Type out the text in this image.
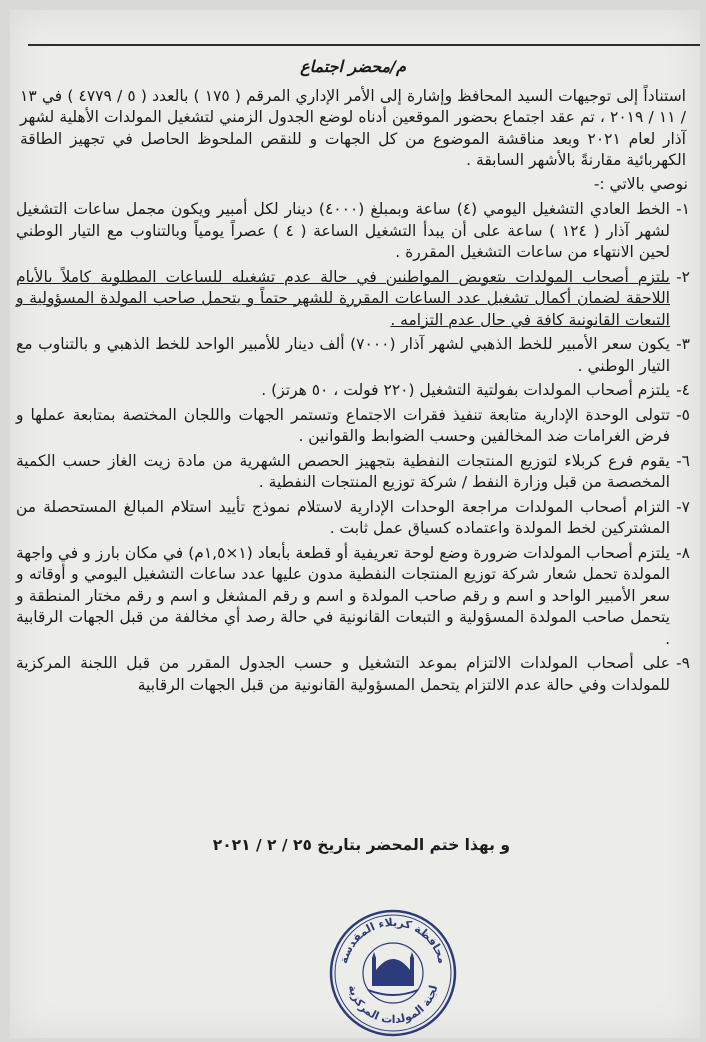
م/محضر اجتماع

استناداً إلى توجيهات السيد المحافظ وإشارة إلى الأمر الإداري المرقم ( ١٧٥ ) بالعدد ( ٥ / ٤٧٧٩ ) في ١٣ / ١١ / ٢٠١٩ ، تم عقد اجتماع بحضور الموقعين أدناه لوضع الجدول الزمني لتشغيل المولدات الأهلية لشهر آذار لعام ٢٠٢١ وبعد مناقشة الموضوع من كل الجهات و للنقص الملحوظ الحاصل في تجهيز الطاقة الكهربائية مقارنةً بالأشهر السابقة .

نوصي بالاتي :-

١-
الخط العادي التشغيل اليومي (٤) ساعة وبمبلغ (٤٠٠٠) دينار لكل أمبير ويكون مجمل ساعات التشغيل لشهر آذار ( ١٢٤ ) ساعة على أن يبدأ التشغيل الساعة ( ٤ ) عصراً يومياً وبالتناوب مع التيار الوطني لحين الانتهاء من ساعات التشغيل المقررة .
٢-
يلتزم أصحاب المولدات بتعويض المواطنين في حالة عدم تشغيله للساعات المطلوبة كاملاً بالأيام اللاحقة لضمان أكمال تشغيل عدد الساعات المقررة للشهر حتماً و يتحمل صاحب المولدة المسؤولية و التبعات القانونية كافة في حال عدم التزامه .
٣-
يكون سعر الأمبير للخط الذهبي لشهر آذار (٧٠٠٠) ألف دينار للأمبير الواحد للخط الذهبي و بالتناوب مع التيار الوطني .
٤-
يلتزم أصحاب المولدات بفولتية التشغيل (٢٢٠ فولت ، ٥٠ هرتز) .
٥-
تتولى الوحدة الإدارية متابعة تنفيذ فقرات الاجتماع وتستمر الجهات واللجان المختصة بمتابعة عملها و فرض الغرامات ضد المخالفين وحسب الضوابط والقوانين .
٦-
يقوم فرع كربلاء لتوزيع المنتجات النفطية بتجهيز الحصص الشهرية من مادة زيت الغاز حسب الكمية المخصصة من قبل وزارة النفط / شركة توزيع المنتجات النفطية .
٧-
التزام أصحاب المولدات مراجعة الوحدات الإدارية لاستلام نموذج تأييد استلام المبالغ المستحصلة من المشتركين لخط المولدة واعتماده كسياق عمل ثابت .
٨-
يلتزم أصحاب المولدات ضرورة وضع لوحة تعريفية أو قطعة بأبعاد (١×١,٥م) في مكان بارز و في واجهة المولدة تحمل شعار شركة توزيع المنتجات النفطية مدون عليها عدد ساعات التشغيل اليومي و أوقاته و سعر الأمبير الواحد و اسم و رقم صاحب المولدة و اسم و رقم المشغل و اسم و رقم مختار المنطقة و يتحمل صاحب المولدة المسؤولية و التبعات القانونية في حالة رصد أي مخالفة من قبل الجهات الرقابية .
٩-
على أصحاب المولدات الالتزام بموعد التشغيل و حسب الجدول المقرر من قبل اللجنة المركزية للمولدات وفي حالة عدم الالتزام يتحمل المسؤولية القانونية من قبل الجهات الرقابية
و بهذا ختم المحضر بتاريخ ٢٥ / ٢ / ٢٠٢١
محافظة كربلاء المقدسة
لجنة المولدات المركزية
